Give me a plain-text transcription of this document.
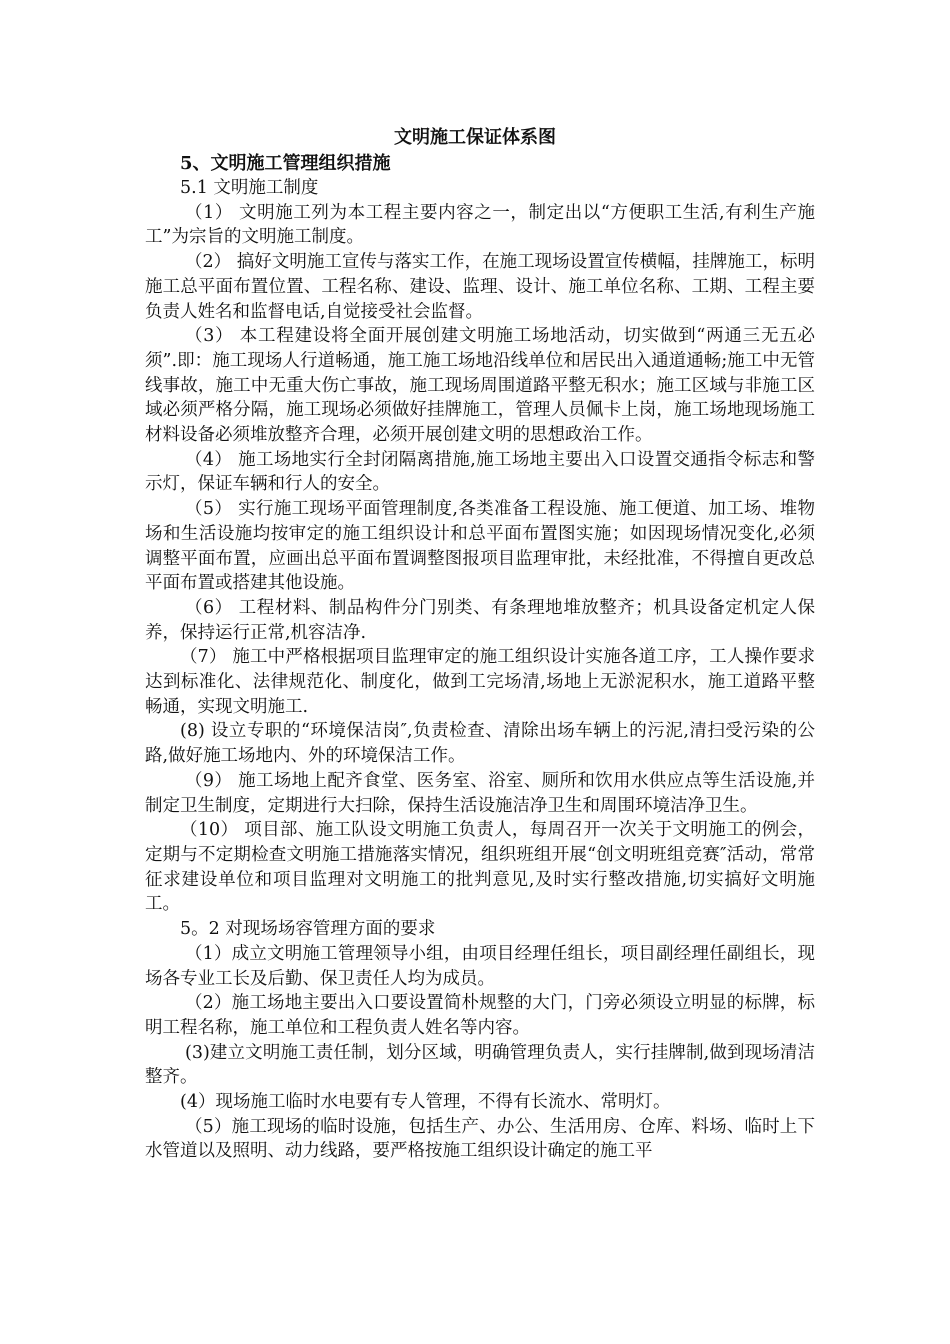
文明施工保证体系图
5、文明施工管理组织措施

5.1 文明施工制度

（1） 文明施工列为本工程主要内容之一，制定出以“方便职工生活,有利生产施工”为宗旨的文明施工制度。

（2） 搞好文明施工宣传与落实工作，在施工现场设置宣传横幅，挂牌施工，标明施工总平面布置位置、工程名称、建设、监理、设计、施工单位名称、工期、工程主要负责人姓名和监督电话,自觉接受社会监督。

（3） 本工程建设将全面开展创建文明施工场地活动，切实做到“两通三无五必须”.即：施工现场人行道畅通，施工施工场地沿线单位和居民出入通道通畅;施工中无管线事故，施工中无重大伤亡事故，施工现场周围道路平整无积水；施工区域与非施工区域必须严格分隔，施工现场必须做好挂牌施工，管理人员佩卡上岗，施工场地现场施工材料设备必须堆放整齐合理，必须开展创建文明的思想政治工作。

（4） 施工场地实行全封闭隔离措施,施工场地主要出入口设置交通指令标志和警示灯，保证车辆和行人的安全。

（5） 实行施工现场平面管理制度,各类准备工程设施、施工便道、加工场、堆物场和生活设施均按审定的施工组织设计和总平面布置图实施；如因现场情况变化,必须调整平面布置，应画出总平面布置调整图报项目监理审批，未经批准，不得擅自更改总平面布置或搭建其他设施。

（6） 工程材料、制品构件分门别类、有条理地堆放整齐；机具设备定机定人保养，保持运行正常,机容洁净.

（7） 施工中严格根据项目监理审定的施工组织设计实施各道工序，工人操作要求达到标准化、法律规范化、制度化，做到工完场清,场地上无淤泥积水，施工道路平整畅通，实现文明施工.

(8) 设立专职的“环境保洁岗″,负责检查、清除出场车辆上的污泥,清扫受污染的公路,做好施工场地内、外的环境保洁工作。

（9） 施工场地上配齐食堂、医务室、浴室、厕所和饮用水供应点等生活设施,并制定卫生制度，定期进行大扫除，保持生活设施洁净卫生和周围环境洁净卫生。

（10） 项目部、施工队设文明施工负责人，每周召开一次关于文明施工的例会，定期与不定期检查文明施工措施落实情况，组织班组开展“创文明班组竞赛″活动，常常征求建设单位和项目监理对文明施工的批判意见,及时实行整改措施,切实搞好文明施工。

5。2 对现场场容管理方面的要求

（1）成立文明施工管理领导小组，由项目经理任组长，项目副经理任副组长，现场各专业工长及后勤、保卫责任人均为成员。

（2）施工场地主要出入口要设置简朴规整的大门，门旁必须设立明显的标牌，标明工程名称，施工单位和工程负责人姓名等内容。

(3)建立文明施工责任制，划分区域，明确管理负责人，实行挂牌制,做到现场清洁整齐。

(4）现场施工临时水电要有专人管理，不得有长流水、常明灯。

（5）施工现场的临时设施，包括生产、办公、生活用房、仓库、料场、临时上下水管道以及照明、动力线路，要严格按施工组织设计确定的施工平
